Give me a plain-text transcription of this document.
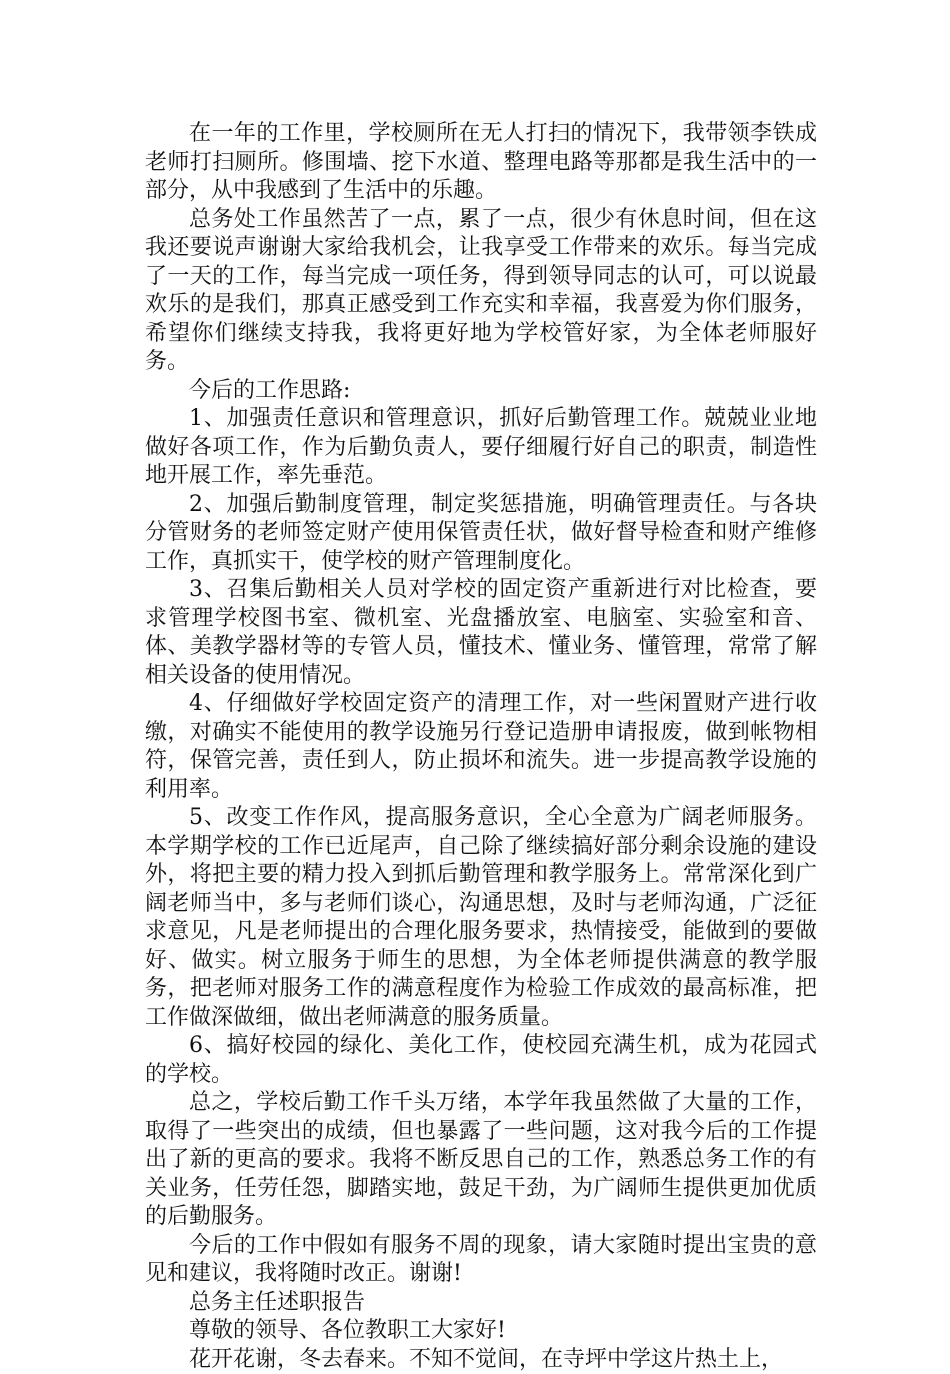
在一年的工作里，学校厕所在无人打扫的情况下，我带领李铁成老师打扫厕所。修围墙、挖下水道、整理电路等那都是我生活中的一部分，从中我感到了生活中的乐趣。

总务处工作虽然苦了一点，累了一点，很少有休息时间，但在这我还要说声谢谢大家给我机会，让我享受工作带来的欢乐。每当完成了一天的工作，每当完成一项任务，得到领导同志的认可，可以说最欢乐的是我们，那真正感受到工作充实和幸福，我喜爱为你们服务，希望你们继续支持我，我将更好地为学校管好家，为全体老师服好务。

今后的工作思路:

1、加强责任意识和管理意识，抓好后勤管理工作。兢兢业业地做好各项工作，作为后勤负责人，要仔细履行好自己的职责，制造性地开展工作，率先垂范。

2、加强后勤制度管理，制定奖惩措施，明确管理责任。与各块分管财务的老师签定财产使用保管责任状，做好督导检查和财产维修工作，真抓实干，使学校的财产管理制度化。

3、召集后勤相关人员对学校的固定资产重新进行对比检查，要求管理学校图书室、微机室、光盘播放室、电脑室、实验室和音、体、美教学器材等的专管人员，懂技术、懂业务、懂管理，常常了解相关设备的使用情况。

4、仔细做好学校固定资产的清理工作，对一些闲置财产进行收缴，对确实不能使用的教学设施另行登记造册申请报废，做到帐物相符，保管完善，责任到人，防止损坏和流失。进一步提高教学设施的利用率。

5、改变工作作风，提高服务意识，全心全意为广阔老师服务。本学期学校的工作已近尾声，自己除了继续搞好部分剩余设施的建设外，将把主要的精力投入到抓后勤管理和教学服务上。常常深化到广阔老师当中，多与老师们谈心，沟通思想，及时与老师沟通，广泛征求意见，凡是老师提出的合理化服务要求，热情接受，能做到的要做好、做实。树立服务于师生的思想，为全体老师提供满意的教学服务，把老师对服务工作的满意程度作为检验工作成效的最高标准，把工作做深做细，做出老师满意的服务质量。

6、搞好校园的绿化、美化工作，使校园充满生机，成为花园式的学校。

总之，学校后勤工作千头万绪，本学年我虽然做了大量的工作，取得了一些突出的成绩，但也暴露了一些问题，这对我今后的工作提出了新的更高的要求。我将不断反思自己的工作，熟悉总务工作的有关业务，任劳任怨，脚踏实地，鼓足干劲，为广阔师生提供更加优质的后勤服务。

今后的工作中假如有服务不周的现象，请大家随时提出宝贵的意见和建议，我将随时改正。谢谢!

总务主任述职报告

尊敬的领导、各位教职工大家好!

花开花谢，冬去春来。不知不觉间，在寺坪中学这片热土上，
